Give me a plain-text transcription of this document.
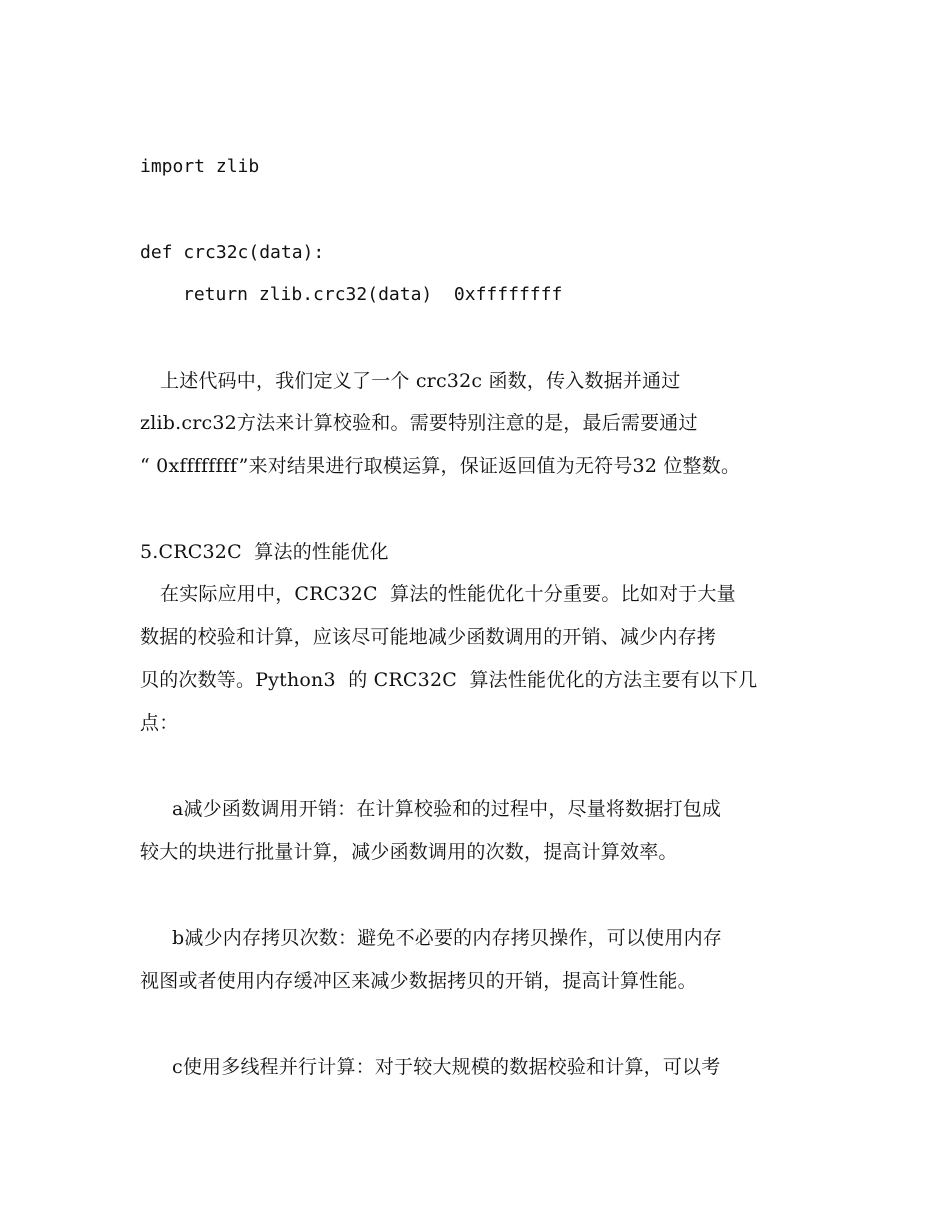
import zlib
def crc32c(data):
return zlib.crc32(data)  0xffffffff
上述代码中，我们定义了一个 crc32c 函数，传入数据并通过
zlib.crc32方法来计算校验和。需要特别注意的是，最后需要通过
“ 0xffffffff”来对结果进行取模运算，保证返回值为无符号32 位整数。
5.CRC32C  算法的性能优化
在实际应用中，CRC32C  算法的性能优化十分重要。比如对于大量
数据的校验和计算，应该尽可能地减少函数调用的开销、减少内存拷
贝的次数等。Python3  的 CRC32C  算法性能优化的方法主要有以下几
点：
a减少函数调用开销：在计算校验和的过程中，尽量将数据打包成
较大的块进行批量计算，减少函数调用的次数，提高计算效率。
b减少内存拷贝次数：避免不必要的内存拷贝操作，可以使用内存
视图或者使用内存缓冲区来减少数据拷贝的开销，提高计算性能。
c使用多线程并行计算：对于较大规模的数据校验和计算，可以考
